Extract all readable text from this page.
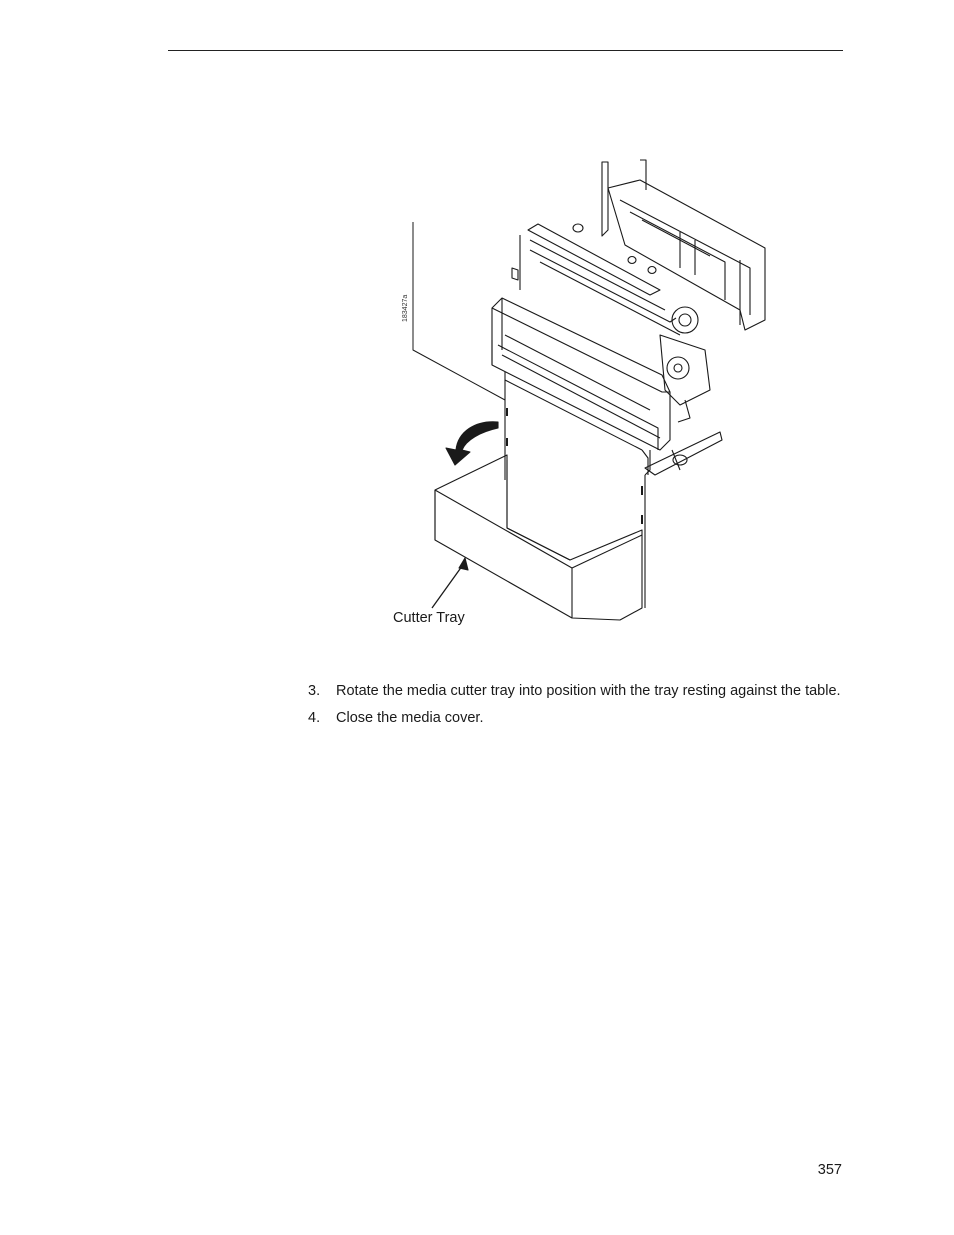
183427a
Cutter Tray
3. Rotate the media cutter tray into position with the tray resting against the table.
4. Close the media cover.
357
